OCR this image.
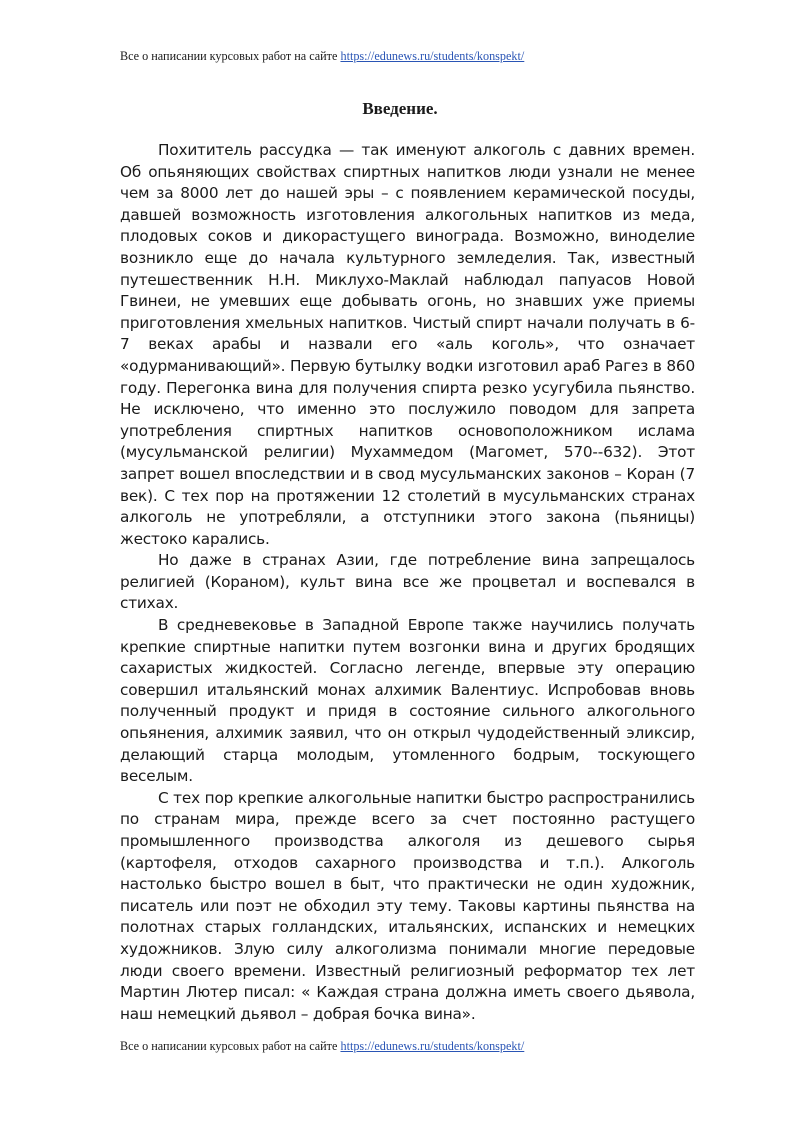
Все о написании курсовых работ на сайте https://edunews.ru/students/konspekt/
Введение.

Похититель рассудка — так именуют алкоголь с давних времен. Об опьяняющих свойствах спиртных напитков люди узнали не менее чем за 8000 лет до нашей эры – с появлением керамической посуды, давшей возможность изготовления алкогольных напитков из меда, плодовых соков и дикорастущего винограда. Возможно, виноделие возникло еще до начала культурного земледелия. Так, известный путешественник Н.Н. Миклухо-Маклай наблюдал папуасов Новой Гвинеи, не умевших еще добывать огонь, но знавших уже приемы приготовления хмельных напитков. Чистый спирт начали получать в 6-7 веках арабы и назвали его «аль коголь», что означает «одурманивающий». Первую бутылку водки изготовил араб Рагез в 860 году. Перегонка вина для получения спирта резко усугубила пьянство. Не исключено, что именно это послужило поводом для запрета употребления спиртных напитков основоположником ислама (мусульманской религии) Мухаммедом (Магомет, 570--632). Этот запрет вошел впоследствии и в свод мусульманских законов – Коран (7 век). С тех пор на протяжении 12 столетий в мусульманских странах алкоголь не употребляли, а отступники этого закона (пьяницы) жестоко карались.

Но даже в странах Азии, где потребление вина запрещалось религией (Кораном), культ вина все же процветал и воспевался в стихах.

В средневековье в Западной Европе также научились получать крепкие спиртные напитки путем возгонки вина и других бродящих сахаристых жидкостей. Согласно легенде, впервые эту операцию совершил итальянский монах алхимик Валентиус. Испробовав вновь полученный продукт и придя в состояние сильного алкогольного опьянения, алхимик заявил, что он открыл чудодейственный эликсир, делающий старца молодым, утомленного бодрым, тоскующего веселым.

С тех пор крепкие алкогольные напитки быстро распространились по странам мира, прежде всего за счет постоянно растущего промышленного производства алкоголя из дешевого сырья (картофеля, отходов сахарного производства и т.п.). Алкоголь настолько быстро вошел в быт, что практически не один художник, писатель или поэт не обходил эту тему. Таковы картины пьянства на полотнах старых голландских, итальянских, испанских и немецких художников. Злую силу алкоголизма понимали многие передовые люди своего времени. Известный религиозный реформатор тех лет Мартин Лютер писал: « Каждая страна должна иметь своего дьявола, наш немецкий дьявол – добрая бочка вина».

Все о написании курсовых работ на сайте https://edunews.ru/students/konspekt/
